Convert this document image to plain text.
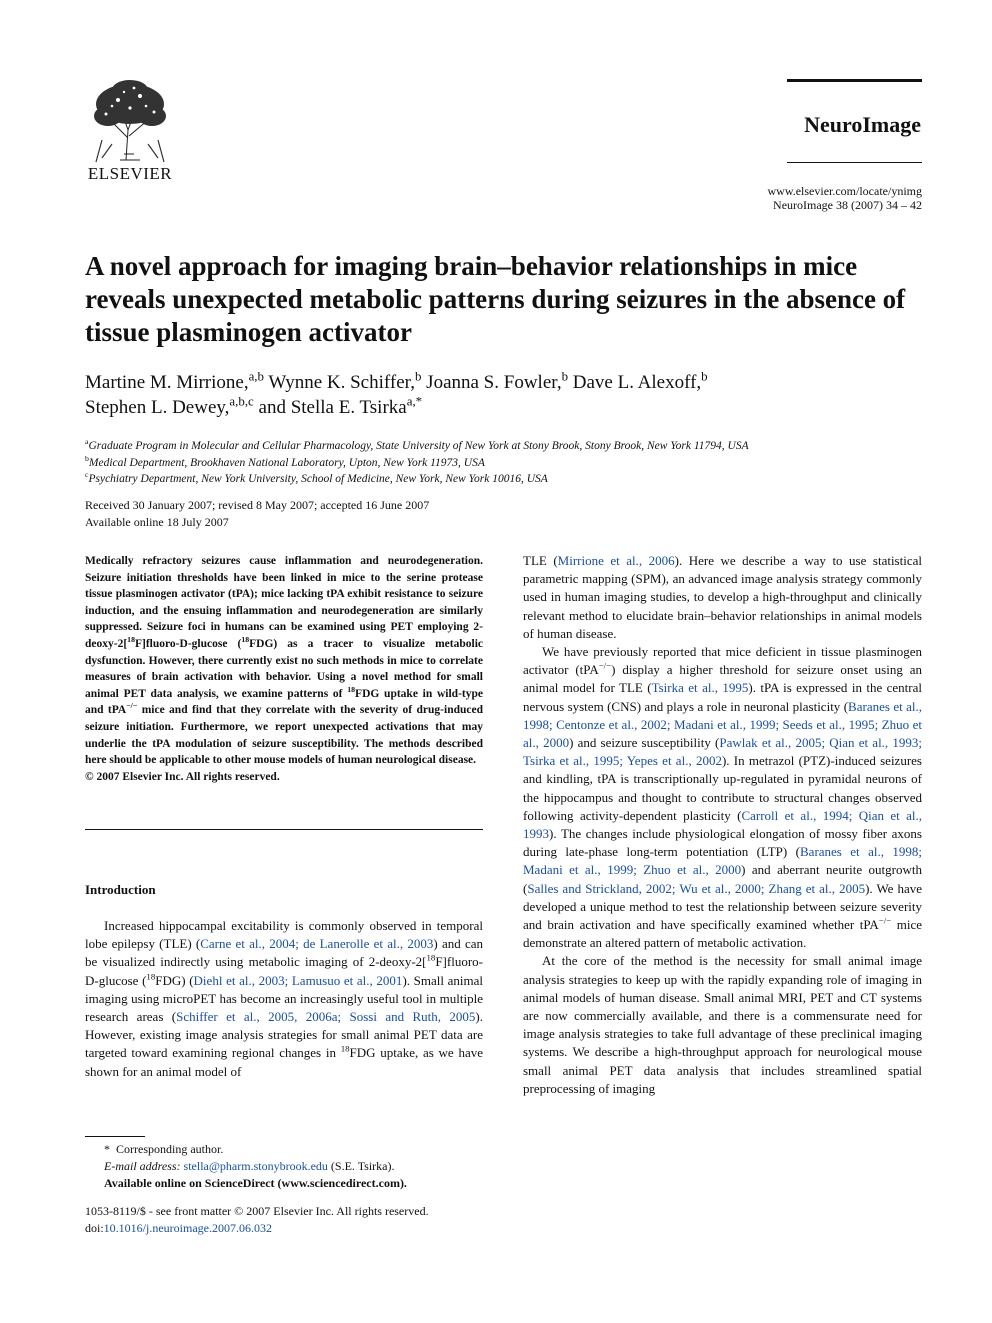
ELSEVIER
NeuroImage
www.elsevier.com/locate/ynimg
NeuroImage 38 (2007) 34 – 42
A novel approach for imaging brain–behavior relationships in mice reveals unexpected metabolic patterns during seizures in the absence of tissue plasminogen activator
Martine M. Mirrione,$^{a,b}$ Wynne K. Schiffer,$^b$ Joanna S. Fowler,$^b$ Dave L. Alexoff,$^b$
Stephen L. Dewey,$^{a,b,c}$ and Stella E. Tsirka$^{a,*}$
$^a$Graduate Program in Molecular and Cellular Pharmacology, State University of New York at Stony Brook, Stony Brook, New York 11794, USA
$^b$Medical Department, Brookhaven National Laboratory, Upton, New York 11973, USA
$^c$Psychiatry Department, New York University, School of Medicine, New York, New York 10016, USA
Received 30 January 2007; revised 8 May 2007; accepted 16 June 2007
Available online 18 July 2007

Medically refractory seizures cause inflammation and neurodegeneration. Seizure initiation thresholds have been linked in mice to the serine protease tissue plasminogen activator (tPA); mice lacking tPA exhibit resistance to seizure induction, and the ensuing inflammation and neurodegeneration are similarly suppressed. Seizure foci in humans can be examined using PET employing 2-deoxy-2[$^{18}$F]fluoro-D-glucose ($^{18}$FDG) as a tracer to visualize metabolic dysfunction. However, there currently exist no such methods in mice to correlate measures of brain activation with behavior. Using a novel method for small animal PET data analysis, we examine patterns of $^{18}$FDG uptake in wild-type and tPA−/− mice and find that they correlate with the severity of drug-induced seizure initiation. Furthermore, we report unexpected activations that may underlie the tPA modulation of seizure susceptibility. The methods described here should be applicable to other mouse models of human neurological disease.

© 2007 Elsevier Inc. All rights reserved.

Introduction

Increased hippocampal excitability is commonly observed in temporal lobe epilepsy (TLE) (Carne et al., 2004; de Lanerolle et al., 2003) and can be visualized indirectly using metabolic imaging of 2-deoxy-2[$^{18}$F]fluoro-D-glucose ($^{18}$FDG) (Diehl et al., 2003; Lamusuo et al., 2001). Small animal imaging using microPET has become an increasingly useful tool in multiple research areas (Schiffer et al., 2005, 2006a; Sossi and Ruth, 2005). However, existing image analysis strategies for small animal PET data are targeted toward examining regional changes in $^{18}$FDG uptake, as we have shown for an animal model of

TLE (Mirrione et al., 2006). Here we describe a way to use statistical parametric mapping (SPM), an advanced image analysis strategy commonly used in human imaging studies, to develop a high-throughput and clinically relevant method to elucidate brain–behavior relationships in animal models of human disease.

We have previously reported that mice deficient in tissue plasminogen activator (tPA−/−) display a higher threshold for seizure onset using an animal model for TLE (Tsirka et al., 1995). tPA is expressed in the central nervous system (CNS) and plays a role in neuronal plasticity (Baranes et al., 1998; Centonze et al., 2002; Madani et al., 1999; Seeds et al., 1995; Zhuo et al., 2000) and seizure susceptibility (Pawlak et al., 2005; Qian et al., 1993; Tsirka et al., 1995; Yepes et al., 2002). In metrazol (PTZ)-induced seizures and kindling, tPA is transcriptionally up-regulated in pyramidal neurons of the hippocampus and thought to contribute to structural changes observed following activity-dependent plasticity (Carroll et al., 1994; Qian et al., 1993). The changes include physiological elongation of mossy fiber axons during late-phase long-term potentiation (LTP) (Baranes et al., 1998; Madani et al., 1999; Zhuo et al., 2000) and aberrant neurite outgrowth (Salles and Strickland, 2002; Wu et al., 2000; Zhang et al., 2005). We have developed a unique method to test the relationship between seizure severity and brain activation and have specifically examined whether tPA−/− mice demonstrate an altered pattern of metabolic activation.

At the core of the method is the necessity for small animal image analysis strategies to keep up with the rapidly expanding role of imaging in animal models of human disease. Small animal MRI, PET and CT systems are now commercially available, and there is a commensurate need for image analysis strategies to take full advantage of these preclinical imaging systems. We describe a high-throughput approach for neurological mouse small animal PET data analysis that includes streamlined spatial preprocessing of imaging

* Corresponding author.
E-mail address: stella@pharm.stonybrook.edu (S.E. Tsirka).
Available online on ScienceDirect (www.sciencedirect.com).
1053-8119/$ - see front matter © 2007 Elsevier Inc. All rights reserved.
doi:10.1016/j.neuroimage.2007.06.032
